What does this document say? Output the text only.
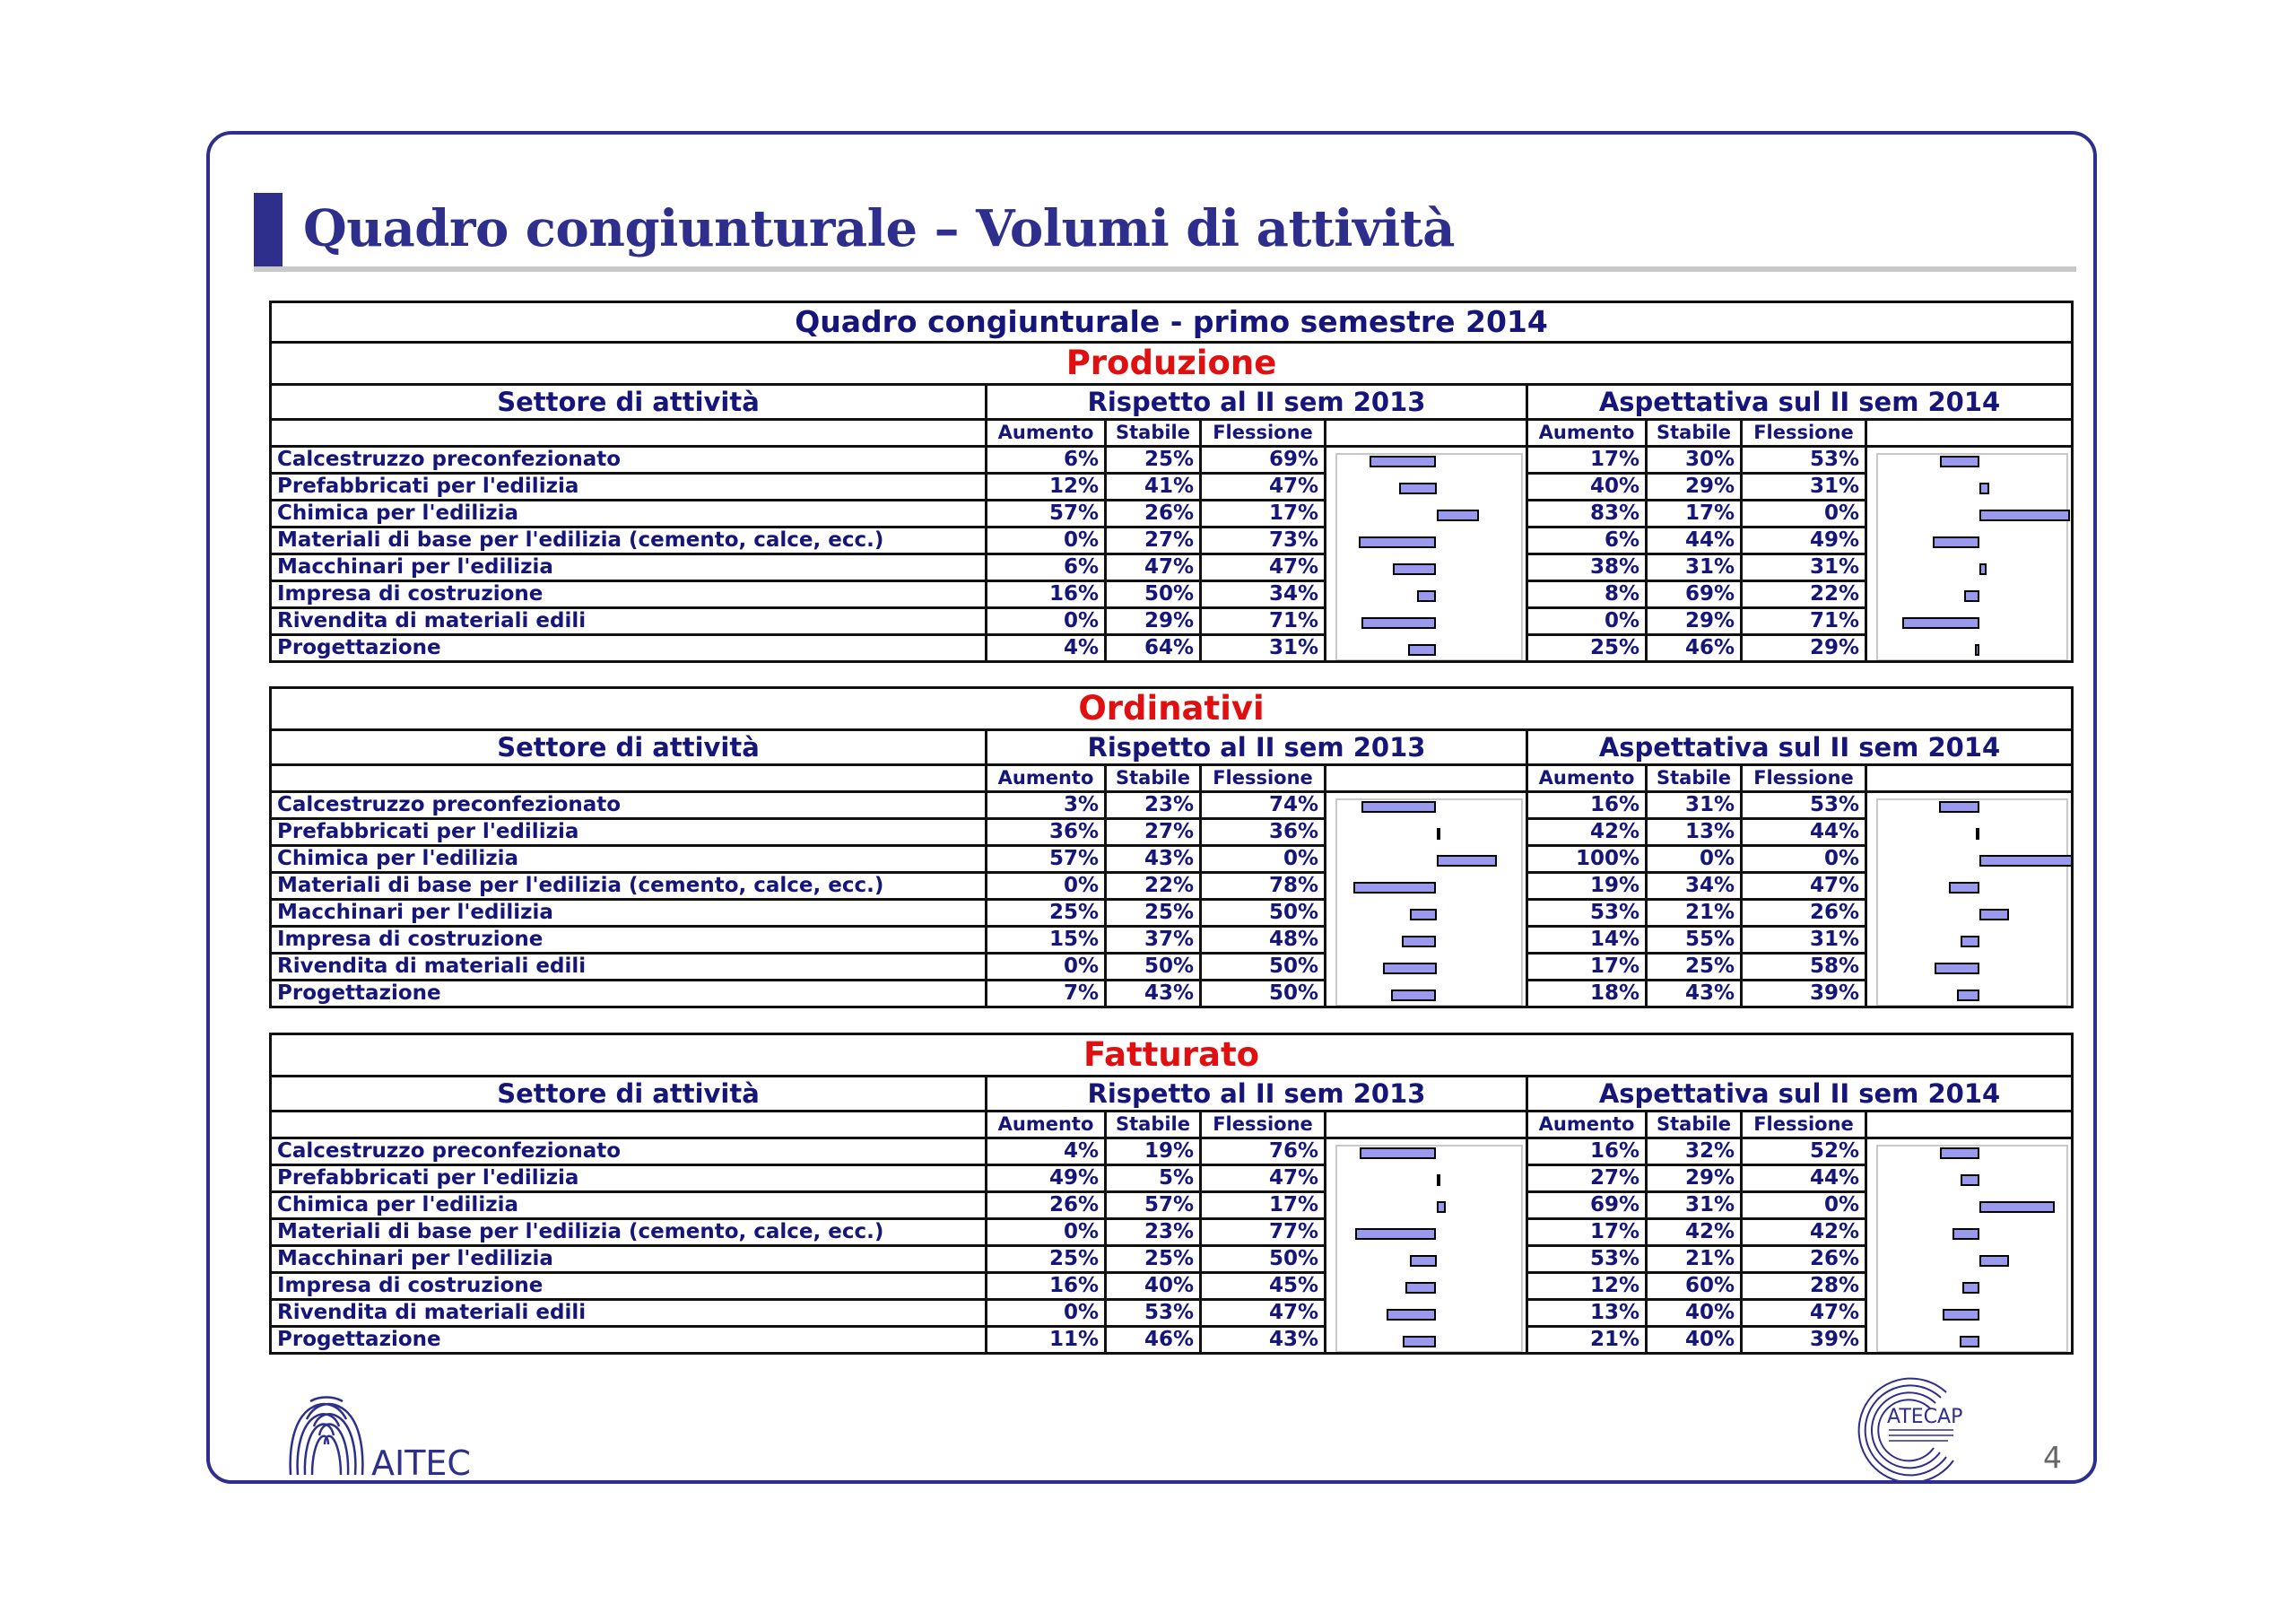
Quadro congiunturale – Volumi di attività
Quadro congiunturale - primo semestre 2014								
Produzione								
Settore di attività	Rispetto al II sem 2013				Aspettativa sul II sem 2014			
	Aumento	Stabile	Flessione		Aumento	Stabile	Flessione	
Calcestruzzo preconfezionato	6%	25%	69%		17%	30%	53%	

Prefabbricati per l'edilizia	12%	41%	47%		40%	29%	31%	
Chimica per l'edilizia	57%	26%	17%		83%	17%	0%	
Materiali di base per l'edilizia (cemento, calce, ecc.)	0%	27%	73%		6%	44%	49%	
Macchinari per l'edilizia	6%	47%	47%		38%	31%	31%	
Impresa di costruzione	16%	50%	34%		8%	69%	22%	
Rivendita di materiali edili	0%	29%	71%		0%	29%	71%	
Progettazione	4%	64%	31%		25%	46%	29%	
Ordinativi								
Settore di attività	Rispetto al II sem 2013				Aspettativa sul II sem 2014			
	Aumento	Stabile	Flessione		Aumento	Stabile	Flessione	
Calcestruzzo preconfezionato	3%	23%	74%		16%	31%	53%	

Prefabbricati per l'edilizia	36%	27%	36%		42%	13%	44%	
Chimica per l'edilizia	57%	43%	0%		100%	0%	0%	
Materiali di base per l'edilizia (cemento, calce, ecc.)	0%	22%	78%		19%	34%	47%	
Macchinari per l'edilizia	25%	25%	50%		53%	21%	26%	
Impresa di costruzione	15%	37%	48%		14%	55%	31%	
Rivendita di materiali edili	0%	50%	50%		17%	25%	58%	
Progettazione	7%	43%	50%		18%	43%	39%	
Fatturato								
Settore di attività	Rispetto al II sem 2013				Aspettativa sul II sem 2014			
	Aumento	Stabile	Flessione		Aumento	Stabile	Flessione	
Calcestruzzo preconfezionato	4%	19%	76%		16%	32%	52%	

Prefabbricati per l'edilizia	49%	5%	47%		27%	29%	44%	
Chimica per l'edilizia	26%	57%	17%		69%	31%	0%	
Materiali di base per l'edilizia (cemento, calce, ecc.)	0%	23%	77%		17%	42%	42%	
Macchinari per l'edilizia	25%	25%	50%		53%	21%	26%	
Impresa di costruzione	16%	40%	45%		12%	60%	28%	
Rivendita di materiali edili	0%	53%	47%		13%	40%	47%	
Progettazione	11%	46%	43%		21%	40%	39%	
AITEC
ATECAP
4
